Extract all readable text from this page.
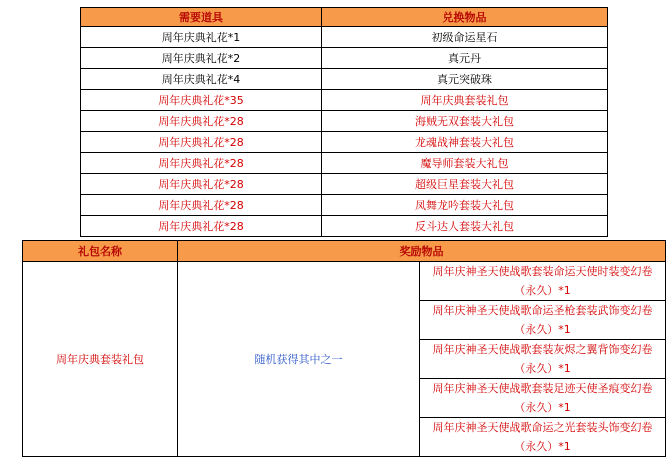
需要道具	兑换物品
周年庆典礼花*1	初级命运星石
周年庆典礼花*2	真元丹
周年庆典礼花*4	真元突破珠
周年庆典礼花*35	周年庆典套装礼包
周年庆典礼花*28	海贼无双套装大礼包
周年庆典礼花*28	龙魂战神套装大礼包
周年庆典礼花*28	魔导师套装大礼包
周年庆典礼花*28	超级巨星套装大礼包
周年庆典礼花*28	凤舞龙吟套装大礼包
周年庆典礼花*28	反斗达人套装大礼包
礼包名称	奖励物品	
周年庆典套装礼包	随机获得其中之一	周年庆神圣天使战歌套装命运天使时装变幻卷（永久）*1
		周年庆神圣天使战歌命运圣枪套装武饰变幻卷（永久）*1
		周年庆神圣天使战歌套装灰烬之翼背饰变幻卷（永久）*1
		周年庆神圣天使战歌套装足迹天使圣痕变幻卷（永久）*1
		周年庆神圣天使战歌命运之光套装头饰变幻卷（永久）*1
